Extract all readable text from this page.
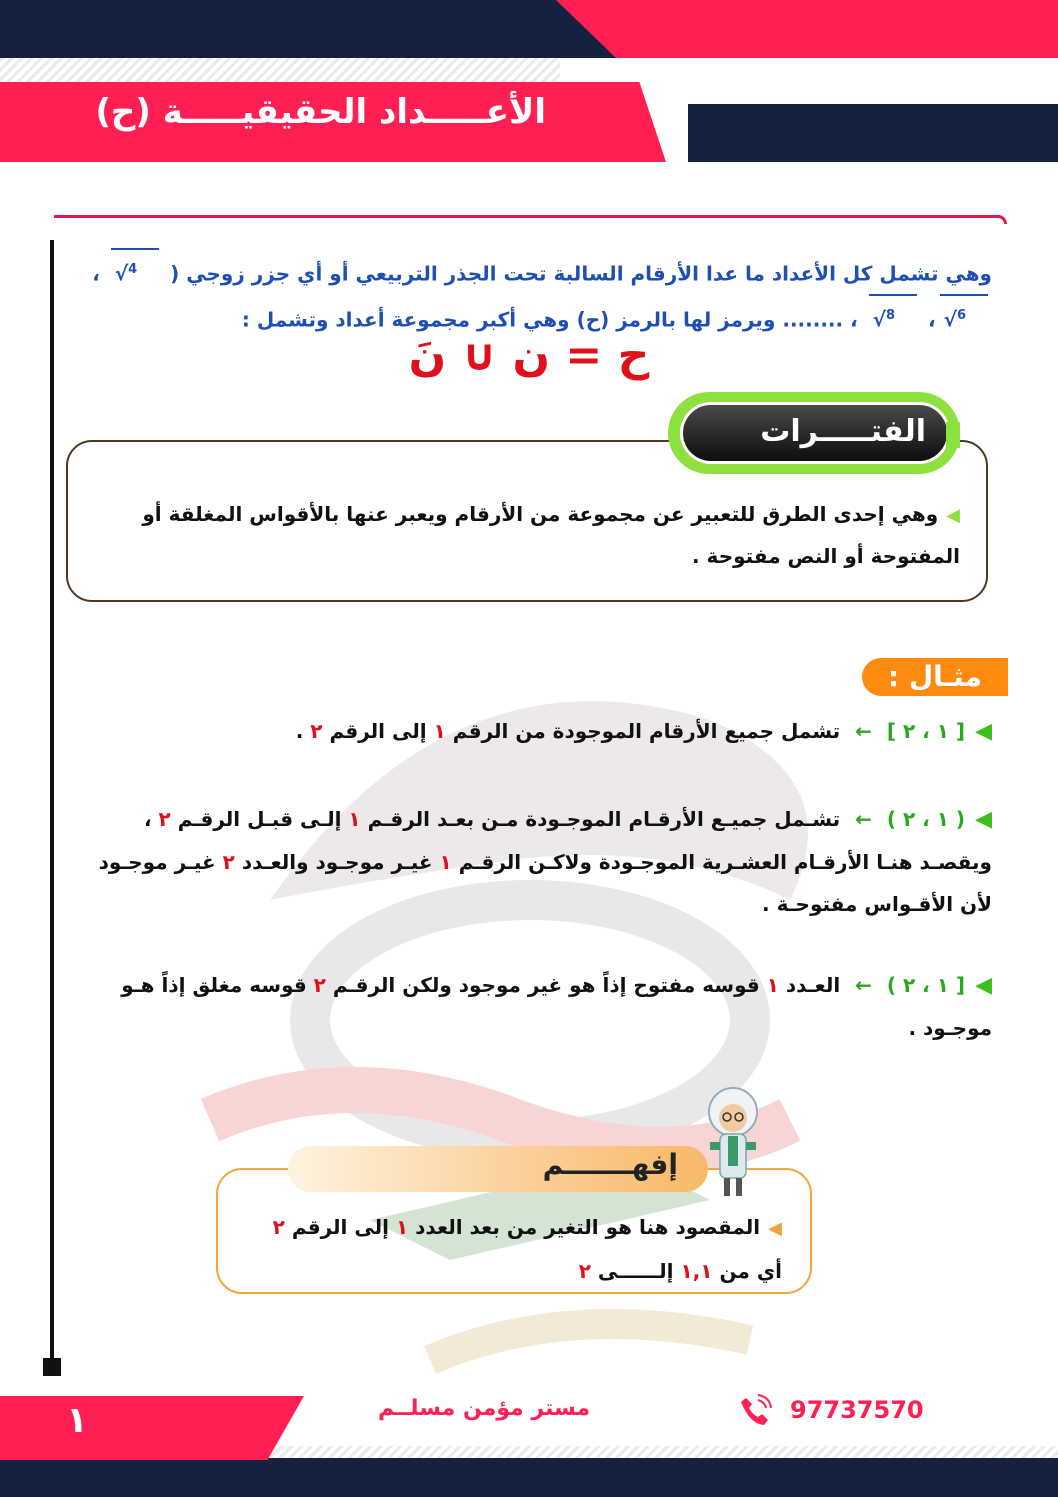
الأعـــــداد الحقيقيـــــة (ح)
وهي تشمل كل الأعداد ما عدا الأرقام السالبة تحت الجذر التربيعي أو أي جزر زوجي ( $^4$√ ،
$^6$√، $^8$√ ، ........ ويرمز لها بالرمز (ح) وهي أكبر مجموعة أعداد وتشمل :
ح = ن ∪ نَ
الفتـــــرات
◀وهي إحدى الطرق للتعبير عن مجموعة من الأرقام ويعبر عنها بالأقواس المغلقة أو المفتوحة أو النص مفتوحة .
مثـال :
◀[ ١ ، ٢ ] ← تشمل جميع الأرقام الموجودة من الرقم ١ إلى الرقم ٢ .
◀( ١ ، ٢ ) ← تشـمل جميـع الأرقـام الموجـودة مـن بعـد الرقـم ١ إلـى قبـل الرقـم ٢ ، ويقصـد هنـا الأرقـام العشـرية الموجـودة ولاكـن الرقـم ١ غيـر موجـود والعـدد ٢ غيـر موجـود لأن الأقـواس مفتوحـة .
◀[ ١ ، ٢ ) ← العـدد ١ قوسه مفتوح إذاً هو غير موجود ولكن الرقـم ٢ قوسه مغلق إذاً هـو موجـود .
إفهـــــــم
◀المقصود هنا هو التغير من بعد العدد ١ إلى الرقم ٢
أي من ١,١ إلــــــى ٢
١	مستر مؤمن مسلــم	97737570
